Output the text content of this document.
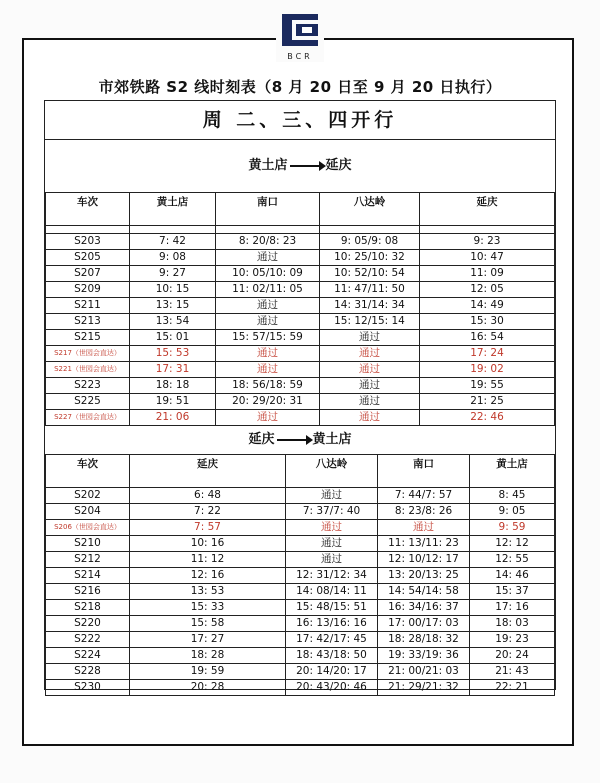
BCR
市郊铁路 S2 线时刻表（8 月 20 日至 9 月 20 日执行）
周 二、三、四开行
黄土店	延庆
车次	黄土店	南口	八达岭	延庆

S203	7: 42	8: 20/8: 23	9: 05/9: 08	9: 23
S205	9: 08	通过	10: 25/10: 32	10: 47
S207	9: 27	10: 05/10: 09	10: 52/10: 54	11: 09
S209	10: 15	11: 02/11: 05	11: 47/11: 50	12: 05
S211	13: 15	通过	14: 31/14: 34	14: 49
S213	13: 54	通过	15: 12/15: 14	15: 30
S215	15: 01	15: 57/15: 59	通过	16: 54
S217（世园会直达）	15: 53	通过	通过	17: 24
S221（世园会直达）	17: 31	通过	通过	19: 02
S223	18: 18	18: 56/18: 59	通过	19: 55
S225	19: 51	20: 29/20: 31	通过	21: 25
S227（世园会直达）	21: 06	通过	通过	22: 46
延庆	黄土店
车次	延庆	八达岭	南口	黄土店
S202	6: 48	通过	7: 44/7: 57	8: 45
S204	7: 22	7: 37/7: 40	8: 23/8: 26	9: 05
S206（世园会直达）	7: 57	通过	通过	9: 59
S210	10: 16	通过	11: 13/11: 23	12: 12
S212	11: 12	通过	12: 10/12: 17	12: 55
S214	12: 16	12: 31/12: 34	13: 20/13: 25	14: 46
S216	13: 53	14: 08/14: 11	14: 54/14: 58	15: 37
S218	15: 33	15: 48/15: 51	16: 34/16: 37	17: 16
S220	15: 58	16: 13/16: 16	17: 00/17: 03	18: 03
S222	17: 27	17: 42/17: 45	18: 28/18: 32	19: 23
S224	18: 28	18: 43/18: 50	19: 33/19: 36	20: 24
S228	19: 59	20: 14/20: 17	21: 00/21: 03	21: 43
S230	20: 28	20: 43/20: 46	21: 29/21: 32	22: 21
